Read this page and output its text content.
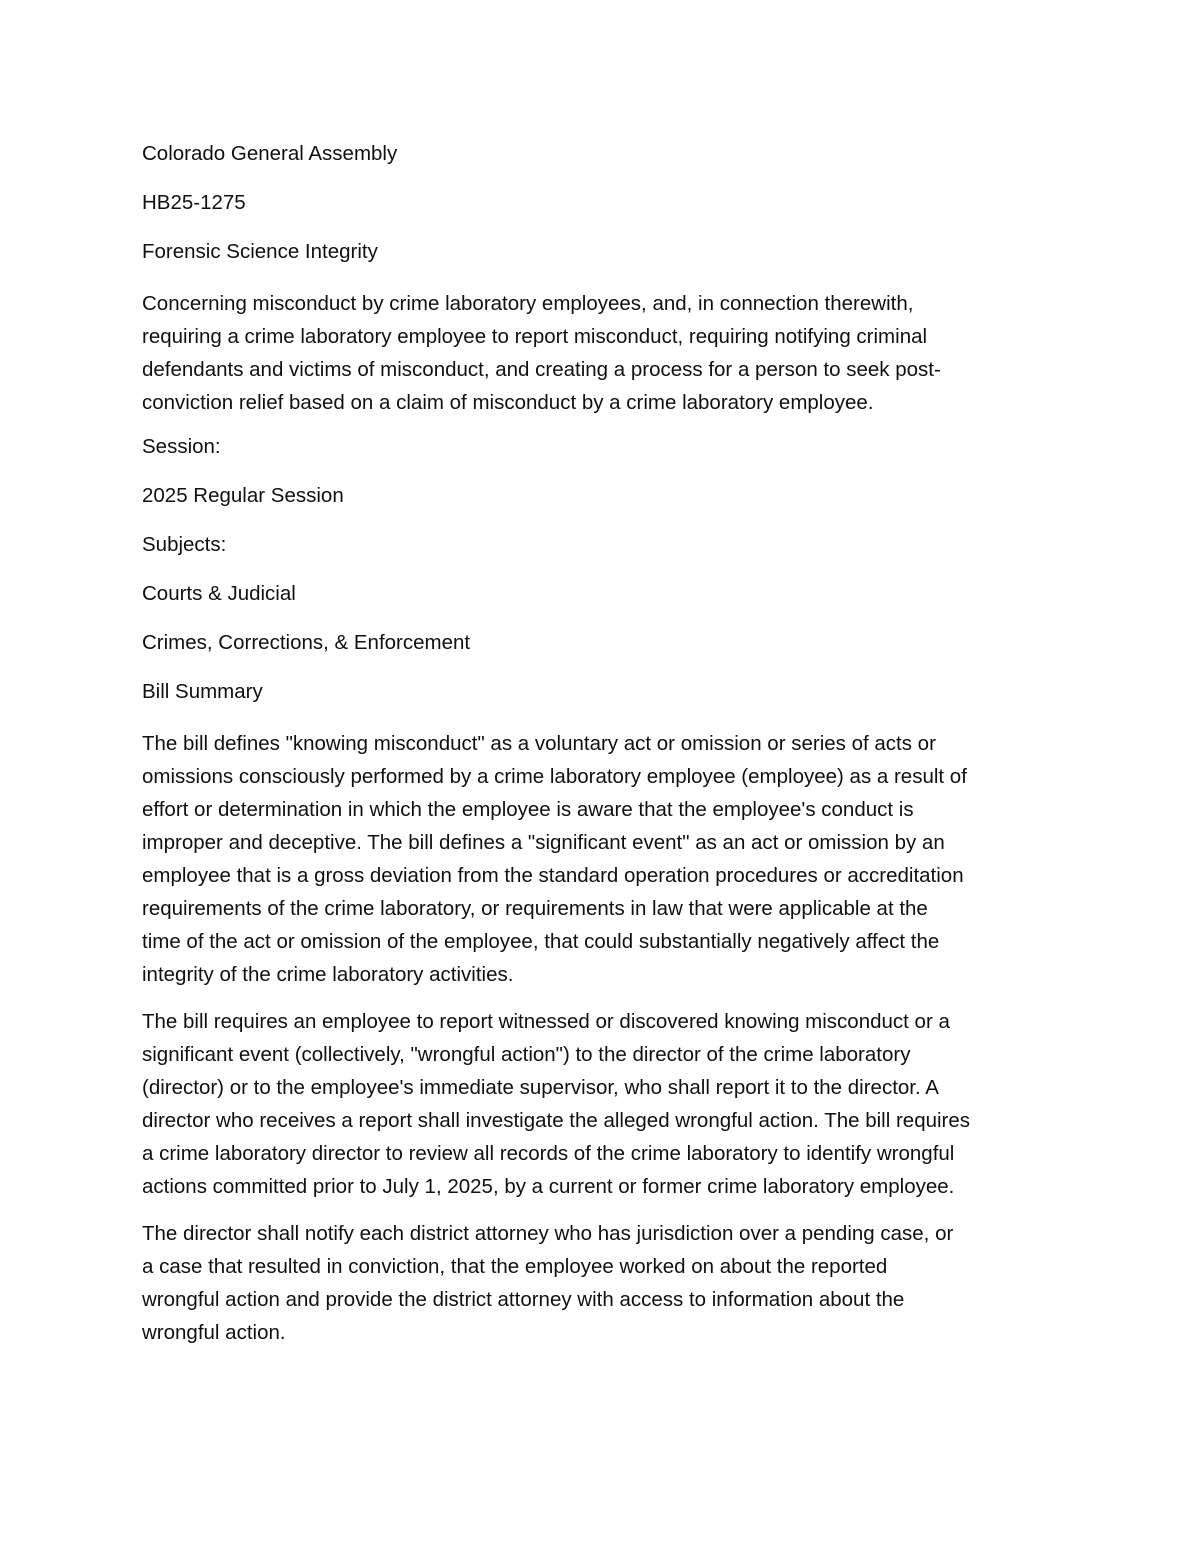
Colorado General Assembly
HB25-1275
Forensic Science Integrity
Concerning misconduct by crime laboratory employees, and, in connection therewith,
requiring a crime laboratory employee to report misconduct, requiring notifying criminal
defendants and victims of misconduct, and creating a process for a person to seek post-
conviction relief based on a claim of misconduct by a crime laboratory employee.
Session:
2025 Regular Session
Subjects:
Courts & Judicial
Crimes, Corrections, & Enforcement
Bill Summary
The bill defines "knowing misconduct" as a voluntary act or omission or series of acts or
omissions consciously performed by a crime laboratory employee (employee) as a result of
effort or determination in which the employee is aware that the employee's conduct is
improper and deceptive. The bill defines a "significant event" as an act or omission by an
employee that is a gross deviation from the standard operation procedures or accreditation
requirements of the crime laboratory, or requirements in law that were applicable at the
time of the act or omission of the employee, that could substantially negatively affect the
integrity of the crime laboratory activities.
The bill requires an employee to report witnessed or discovered knowing misconduct or a
significant event (collectively, "wrongful action") to the director of the crime laboratory
(director) or to the employee's immediate supervisor, who shall report it to the director. A
director who receives a report shall investigate the alleged wrongful action. The bill requires
a crime laboratory director to review all records of the crime laboratory to identify wrongful
actions committed prior to July 1, 2025, by a current or former crime laboratory employee.
The director shall notify each district attorney who has jurisdiction over a pending case, or
a case that resulted in conviction, that the employee worked on about the reported
wrongful action and provide the district attorney with access to information about the
wrongful action.
